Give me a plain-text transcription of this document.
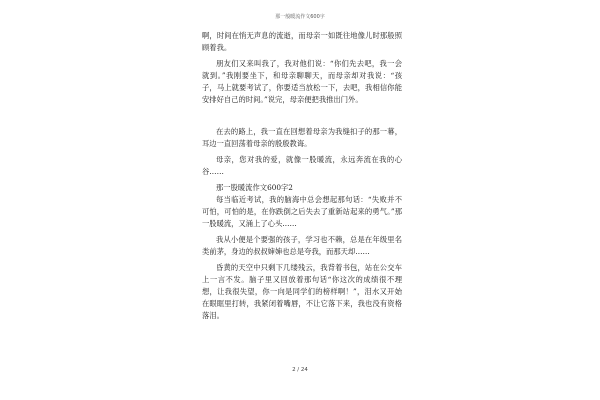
那一般暖流作文600字

啊，时间在悄无声息的流逝，而母亲一如既往地像儿时那般照顾着我。

朋友们又来叫我了，我对他们说：“你们先去吧，我一会就到。”我刚要坐下，和母亲聊聊天，而母亲却对我说：“孩子，马上就要考试了，你要适当放松一下，去吧，我相信你能安排好自己的时间。”说完，母亲便把我推出门外。

在去的路上，我一直在回想着母亲为我缝扣子的那一幕，耳边一直回荡着母亲的殷殷教诲。

母亲，您对我的爱，就像一股暖流，永远奔流在我的心谷……

那一股暖流作文600字2

每当临近考试，我的脑海中总会想起那句话：“失败并不可怕，可怕的是，在你跌倒之后失去了重新站起来的勇气。”那一股暖流，又涌上了心头……

我从小便是个要强的孩子，学习也不赖，总是在年级里名类前茅，身边的叔叔婶婶也总是夸我，而那天却……

昏黄的天空中只剩下几缕残云，我背着书包，站在公交车上一言不发。脑子里又回放着那句话“你这次的成绩很不理想，让我很失望，你一向是同学们的榜样啊！”，泪水又开始在眼眶里打转，我紧闭着嘴唇，不让它落下来，我也没有资格落泪。

2 / 24
